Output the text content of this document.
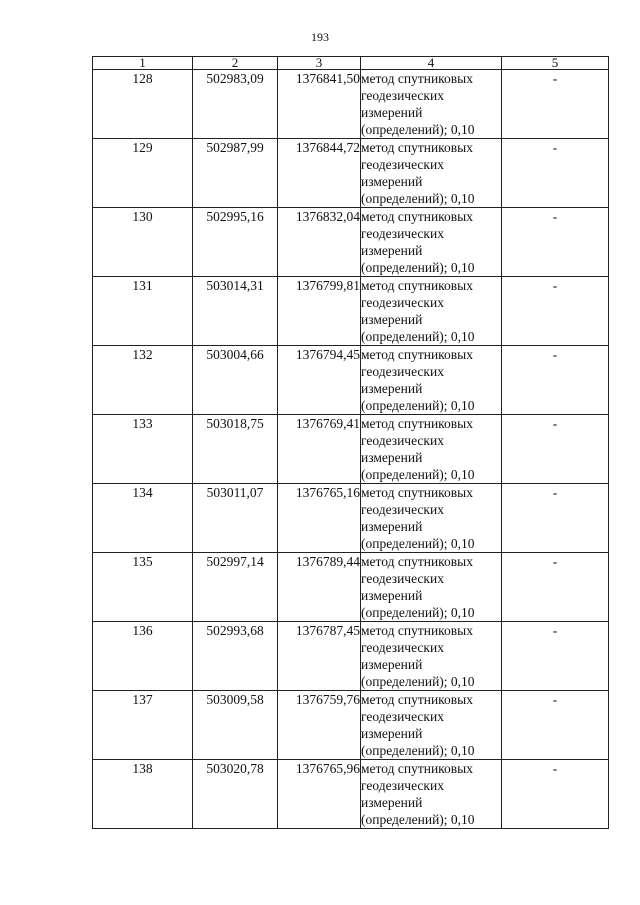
193
1	2	3	4	5
128	502983,09	1376841,50	метод спутниковых
геодезических
измерений
(определений); 0,10	-
129	502987,99	1376844,72	метод спутниковых
геодезических
измерений
(определений); 0,10	-
130	502995,16	1376832,04	метод спутниковых
геодезических
измерений
(определений); 0,10	-
131	503014,31	1376799,81	метод спутниковых
геодезических
измерений
(определений); 0,10	-
132	503004,66	1376794,45	метод спутниковых
геодезических
измерений
(определений); 0,10	-
133	503018,75	1376769,41	метод спутниковых
геодезических
измерений
(определений); 0,10	-
134	503011,07	1376765,16	метод спутниковых
геодезических
измерений
(определений); 0,10	-
135	502997,14	1376789,44	метод спутниковых
геодезических
измерений
(определений); 0,10	-
136	502993,68	1376787,45	метод спутниковых
геодезических
измерений
(определений); 0,10	-
137	503009,58	1376759,76	метод спутниковых
геодезических
измерений
(определений); 0,10	-
138	503020,78	1376765,96	метод спутниковых
геодезических
измерений
(определений); 0,10	-
